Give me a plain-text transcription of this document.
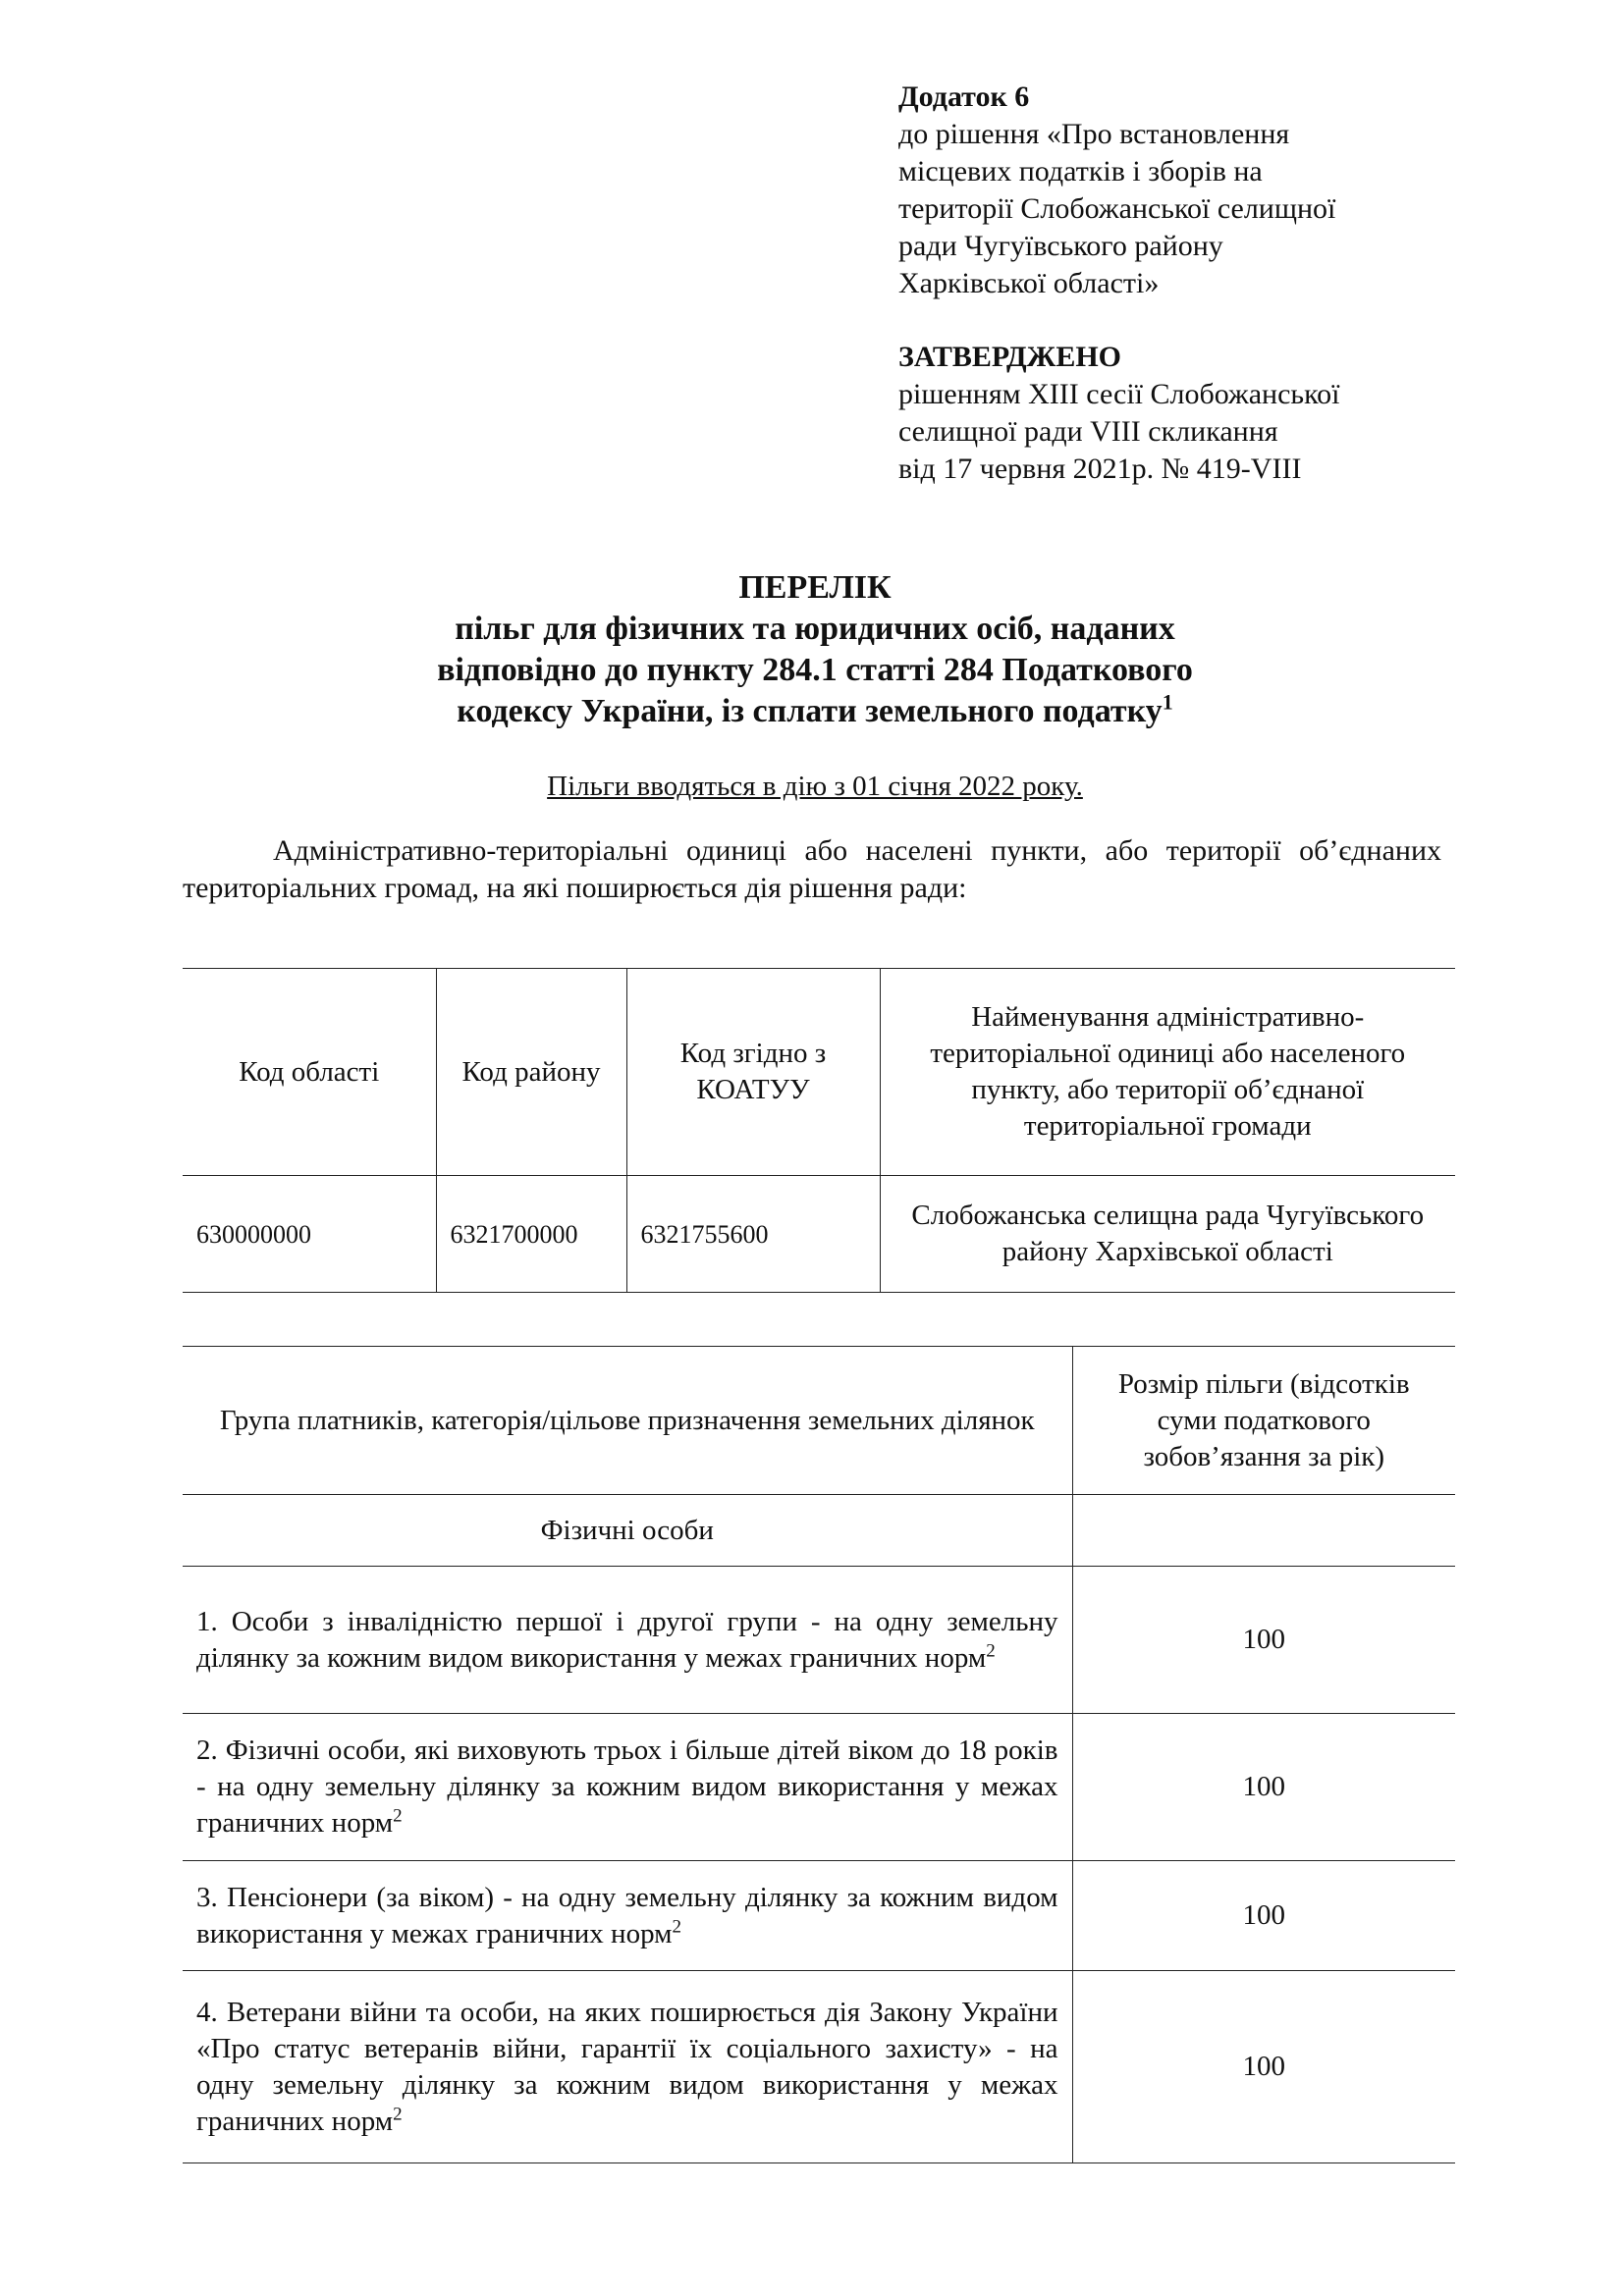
Додаток 6
до рішення «Про встановлення
місцевих податків і зборів на
території Слобожанської селищної
ради Чугуївського району
Харківської області»
ЗАТВЕРДЖЕНО
рішенням XIII сесії Слобожанської
селищної ради VIII скликання
від 17 червня 2021р. № 419-VIII
ПЕРЕЛІК
пільг для фізичних та юридичних осіб, наданих
відповідно до пункту 284.1 статті 284 Податкового
кодексу України, із сплати земельного податку$^1$
Пільги вводяться в дію з 01 січня 2022 року.
Адміністративно-територіальні одиниці або населені пункти, або території об’єднаних територіальних громад, на які поширюється дія рішення ради:
Код області	Код району	Код згідно з КОАТУУ	Найменування адміністративно-територіальної одиниці або населеного пункту, або території об’єднаної територіальної громади
630000000	6321700000	6321755600	Слобожанська селищна рада Чугуївського району Хархівської області
Група платників, категорія/цільове призначення земельних ділянок	Розмір пільги (відсотків суми податкового зобов’язання за рік)
Фізичні особи	
1. Особи з інвалідністю першої і другої групи - на одну земельну ділянку за кожним видом використання у межах граничних норм$^2$	100
2. Фізичні особи, які виховують трьох і більше дітей віком до 18 років - на одну земельну ділянку за кожним видом використання у межах граничних норм$^2$	100
3. Пенсіонери (за віком) - на одну земельну ділянку за кожним видом використання у межах граничних норм$^2$	100
4. Ветерани війни та особи, на яких поширюється дія Закону України «Про статус ветеранів війни, гарантії їх соціального захисту» - на одну земельну ділянку за кожним видом використання у межах граничних норм$^2$	100
